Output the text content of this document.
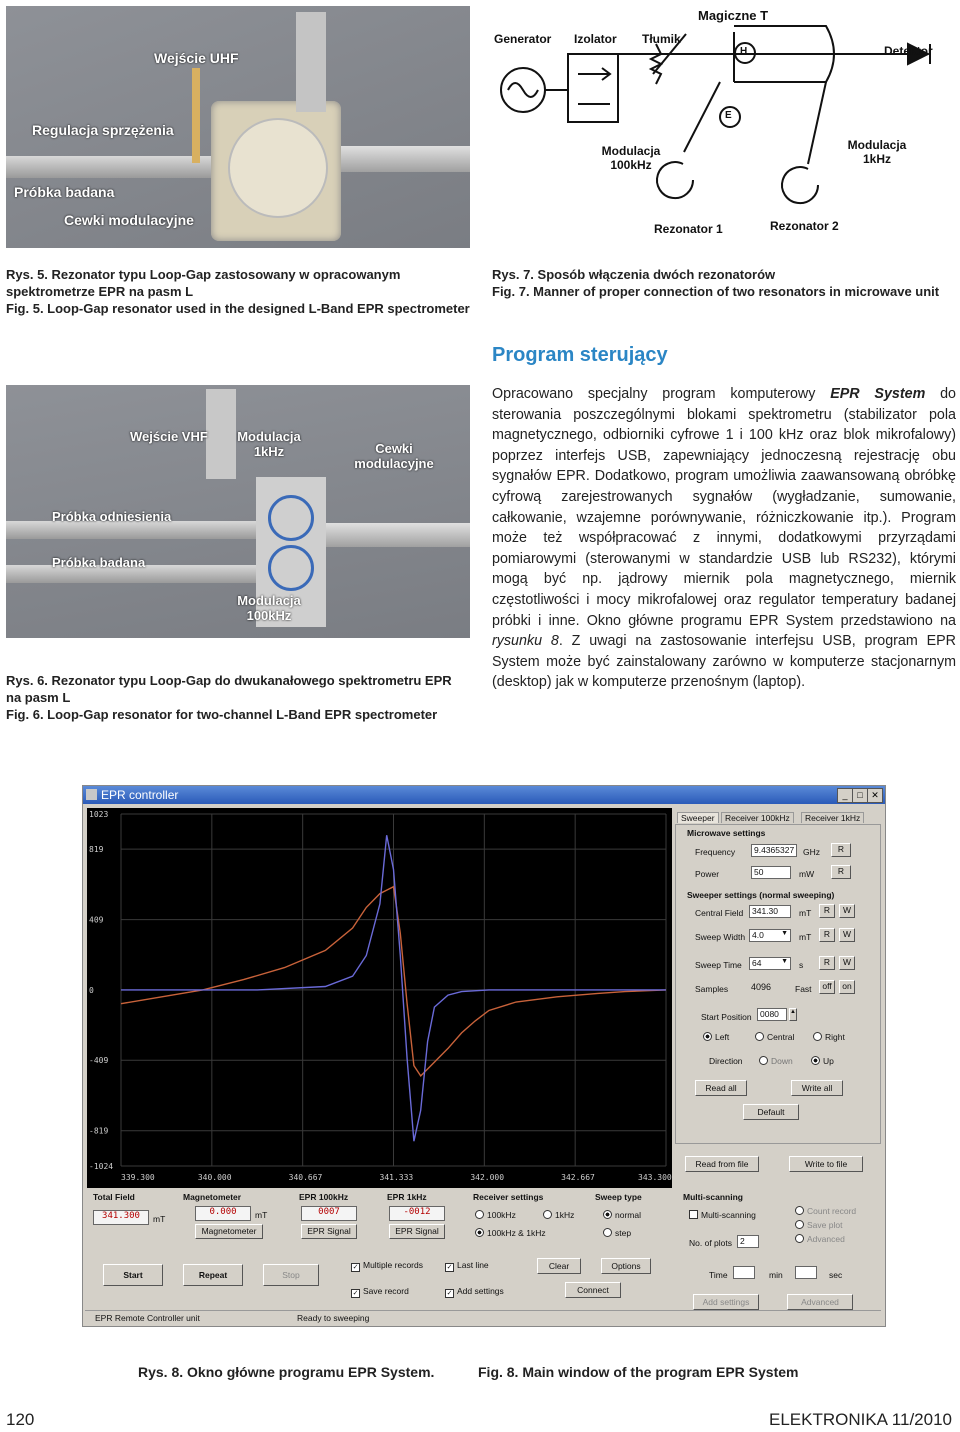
Wejście UHF
Regulacja sprzężenia
Próbka badana
Cewki modulacyjne
Magiczne T
Generator Izolator Tłumik
Detektor
H
E
Modulacja 100kHz
Modulacja 1kHz
Rezonator 1	Rezonator 2
Rys. 5. Rezonator typu Loop-Gap zastosowany w opracowanym spektrometrze EPR na pasm L
Fig. 5. Loop-Gap resonator used in the designed L-Band EPR spectrometer
Rys. 7. Sposób włączenia dwóch rezonatorów
Fig. 7. Manner of proper connection of two resonators in microwave unit
Program sterujący
Wejście VHF Modulacja 1kHz	Cewki modulacyjne
Próbka odniesienia
Próbka badana
Modulacja 100kHz
Rys. 6. Rezonator typu Loop-Gap do dwukanałowego spektrometru EPR na pasm L
Fig. 6. Loop-Gap resonator for two-channel L-Band EPR spectrometer
Opracowano specjalny program komputerowy EPR System do sterowania poszczególnymi blokami spektrometru (stabilizator pola magnetycznego, odbiorniki cyfrowe 1 i 100 kHz oraz blok mikrofalowy) poprzez interfejs USB, zapewniający jednoczesną rejestrację obu sygnałów EPR. Dodatkowo, program umożliwia zaawansowaną obróbkę cyfrową zarejestrowanych sygnałów (wygładzanie, sumowanie, całkowanie, wzajemne porównywanie, różniczkowanie itp.). Program może też współpracować z innymi, dodatkowymi przyrządami pomiarowymi (sterowanymi w standardzie USB lub RS232), którymi mogą być np. jądrowy miernik pola magnetycznego, miernik częstotliwości i mocy mikrofalowej oraz regulator temperatury badanej próbki i inne. Okno główne programu EPR System przedstawiono na rysunku 8. Z uwagi na zastosowanie interfejsu USB, program EPR System może być zainstalowany zarówno w komputerze stacjonarnym (desktop) jak w komputerze przenośnym (laptop).
EPR controller	_	□ ✕
1023
819
409
0
-409
-819
-1024
339.300	340.000	340.667	341.333	342.000	342.667	343.300
Sweeper	Receiver 100kHz	Receiver 1kHz
Microwave settings
Frequency	9.4365327	GHz	R
Power	50	mW	R
Sweeper settings (normal sweeping)
Central Field	341.30	mT	R	W
Sweep Width 4.0 ▼ mT	R	W
Sweep Time	64	▼ s	R	W
Samples	4096	Fast	off	on
Start Position 0080	▲
Left	Central	Right
Direction	Down	Up
Read all	Write all
Default
Read from file	Write to file
Total Field
341.300	mT
Magnetometer
0.000	mT
Magnetometer
EPR 100kHz
0007
EPR Signal
EPR 1kHz
-0012
EPR Signal
Receiver settings
100kHz	1kHz
100kHz & 1kHz
Sweep type
normal
step
Multi-scanning
Multi-scanning	Count record
Save plot
Advanced
No. of plots 2
Start	Repeat	Stop
✓ Multiple records	✓ Last line
✓ Save record	✓ Add settings
Clear	Options
Connect
Time	min	sec
Add settings	Advanced
EPR Remote Controller unit	Ready to sweeping
Rys. 8. Okno główne programu EPR System.	Fig. 8. Main window of the program EPR System
120	ELEKTRONIKA 11/2010
